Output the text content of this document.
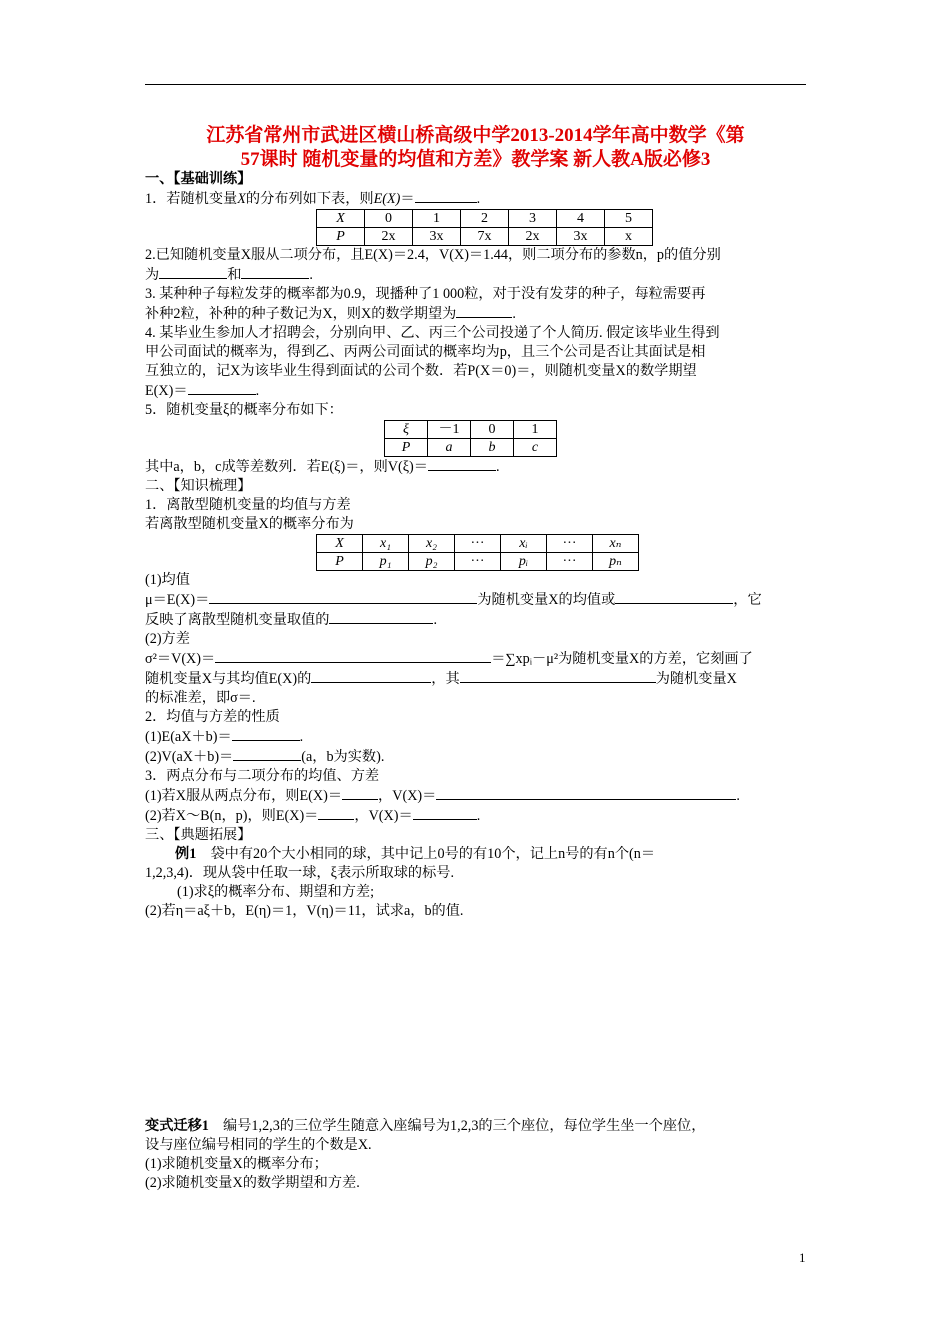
江苏省常州市武进区横山桥高级中学2013-2014学年高中数学《第
57课时 随机变量的均值和方差》教学案 新人教A版必修3
一、【基础训练】
1．若随机变量X的分布列如下表，则E(X)＝	.
X	0	1	2	3	4	5
P	2x	3x	7x	2x	3x	x
2.已知随机变量X服从二项分布，且E(X)＝2.4，V(X)＝1.44，则二项分布的参数n，p的值分别
为	和	.
3. 某种种子每粒发芽的概率都为0.9，现播种了1 000粒，对于没有发芽的种子，每粒需要再
补种2粒，补种的种子数记为X，则X的数学期望为	.
4. 某毕业生参加人才招聘会，分别向甲、乙、丙三个公司投递了个人简历. 假定该毕业生得到
甲公司面试的概率为，得到乙、丙两公司面试的概率均为p，且三个公司是否让其面试是相
互独立的，记X为该毕业生得到面试的公司个数．若P(X＝0)＝，则随机变量X的数学期望
E(X)＝	.
5．随机变量ξ的概率分布如下：
ξ	－1	0	1
P	a	b	c
其中a，b，c成等差数列．若E(ξ)＝，则V(ξ)＝	.
二、【知识梳理】
1．离散型随机变量的均值与方差
若离散型随机变量X的概率分布为
X	x₁	x₂	···	xᵢ	···	xₙ
P	p₁	p₂	···	pᵢ	···	pₙ
(1)均值
μ＝E(X)＝	为随机变量X的均值或	，它
反映了离散型随机变量取值的	.
(2)方差
σ²＝V(X)＝	＝∑xpᵢ－μ²为随机变量X的方差，它刻画了
随机变量X与其均值E(X)的	，其	为随机变量X
的标准差，即σ＝.
2．均值与方差的性质
(1)E(aX＋b)＝	.
(2)V(aX＋b)＝	(a，b为实数).
3．两点分布与二项分布的均值、方差
(1)若X服从两点分布，则E(X)＝	，V(X)＝	.
(2)若X～B(n，p)，则E(X)＝	，V(X)＝	.
三、【典题拓展】
例1　袋中有20个大小相同的球，其中记上0号的有10个，记上n号的有n个(n＝
1,2,3,4)．现从袋中任取一球，ξ表示所取球的标号.
(1)求ξ的概率分布、期望和方差;
(2)若η＝aξ＋b，E(η)＝1，V(η)＝11，试求a，b的值.
变式迁移1　编号1,2,3的三位学生随意入座编号为1,2,3的三个座位，每位学生坐一个座位，
设与座位编号相同的学生的个数是X.
(1)求随机变量X的概率分布；
(2)求随机变量X的数学期望和方差.
1
